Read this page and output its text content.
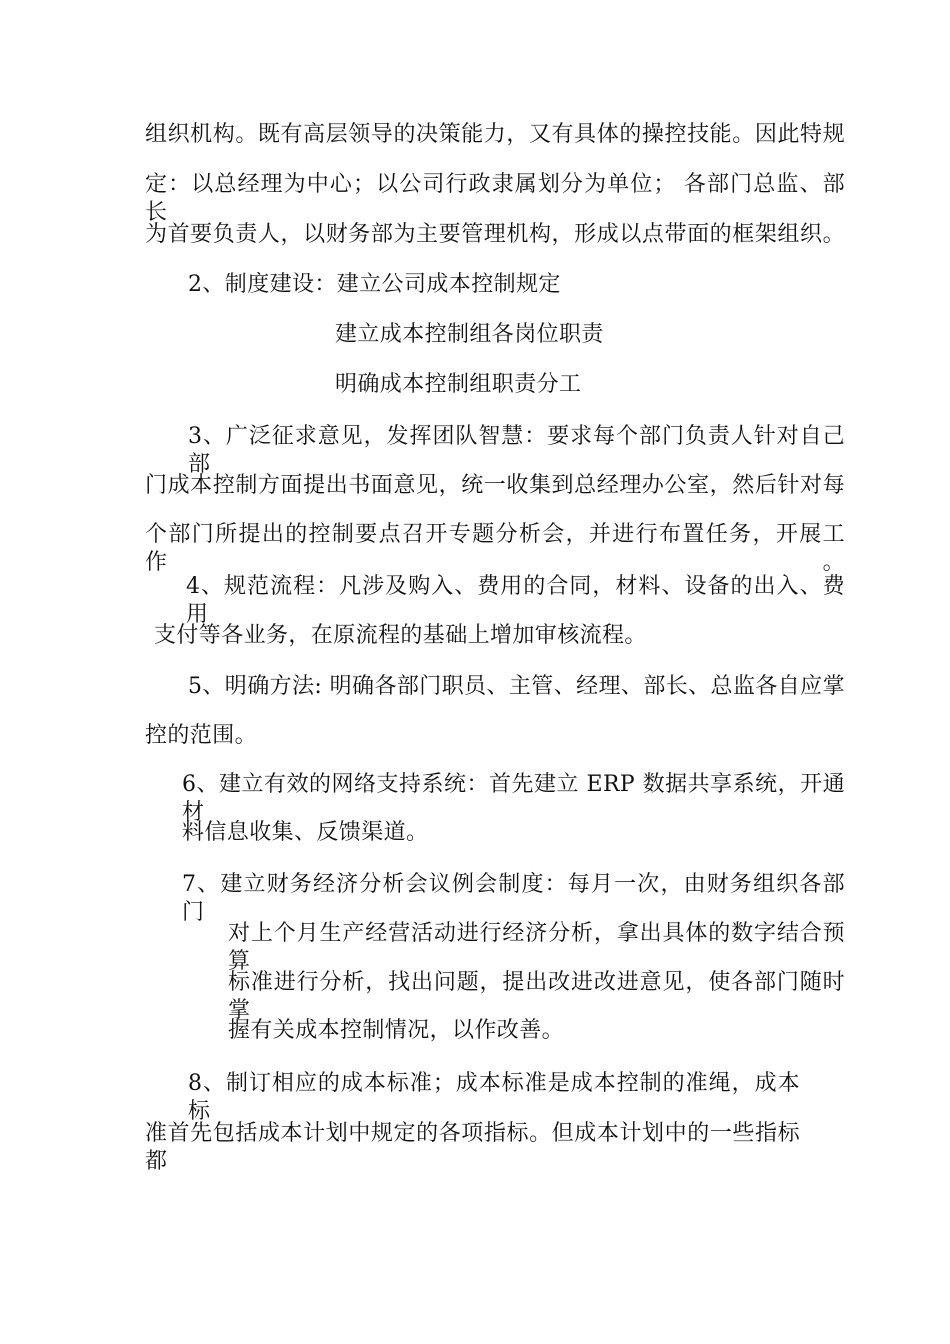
组织机构。既有高层领导的决策能力，又有具体的操控技能。因此特规
定：以总经理为中心；以公司行政隶属划分为单位； 各部门总监、部长
为首要负责人，以财务部为主要管理机构，形成以点带面的框架组织。
2、制度建设：建立公司成本控制规定
建立成本控制组各岗位职责
明确成本控制组职责分工
3、广泛征求意见，发挥团队智慧：要求每个部门负责人针对自己部
门成本控制方面提出书面意见，统一收集到总经理办公室，然后针对每
个部门所提出的控制要点召开专题分析会，并进行布置任务，开展工作。
4、规范流程：凡涉及购入、费用的合同，材料、设备的出入、费用
支付等各业务，在原流程的基础上增加审核流程。
5、明确方法: 明确各部门职员、主管、经理、部长、总监各自应掌
控的范围。
6、建立有效的网络支持系统：首先建立 ERP 数据共享系统，开通材
料信息收集、反馈渠道。
7、建立财务经济分析会议例会制度：每月一次，由财务组织各部门
对上个月生产经营活动进行经济分析，拿出具体的数字结合预算
标准进行分析，找出问题，提出改进改进意见，使各部门随时掌
握有关成本控制情况，以作改善。
8、制订相应的成本标准；成本标准是成本控制的准绳，成本标
准首先包括成本计划中规定的各项指标。但成本计划中的一些指标都
